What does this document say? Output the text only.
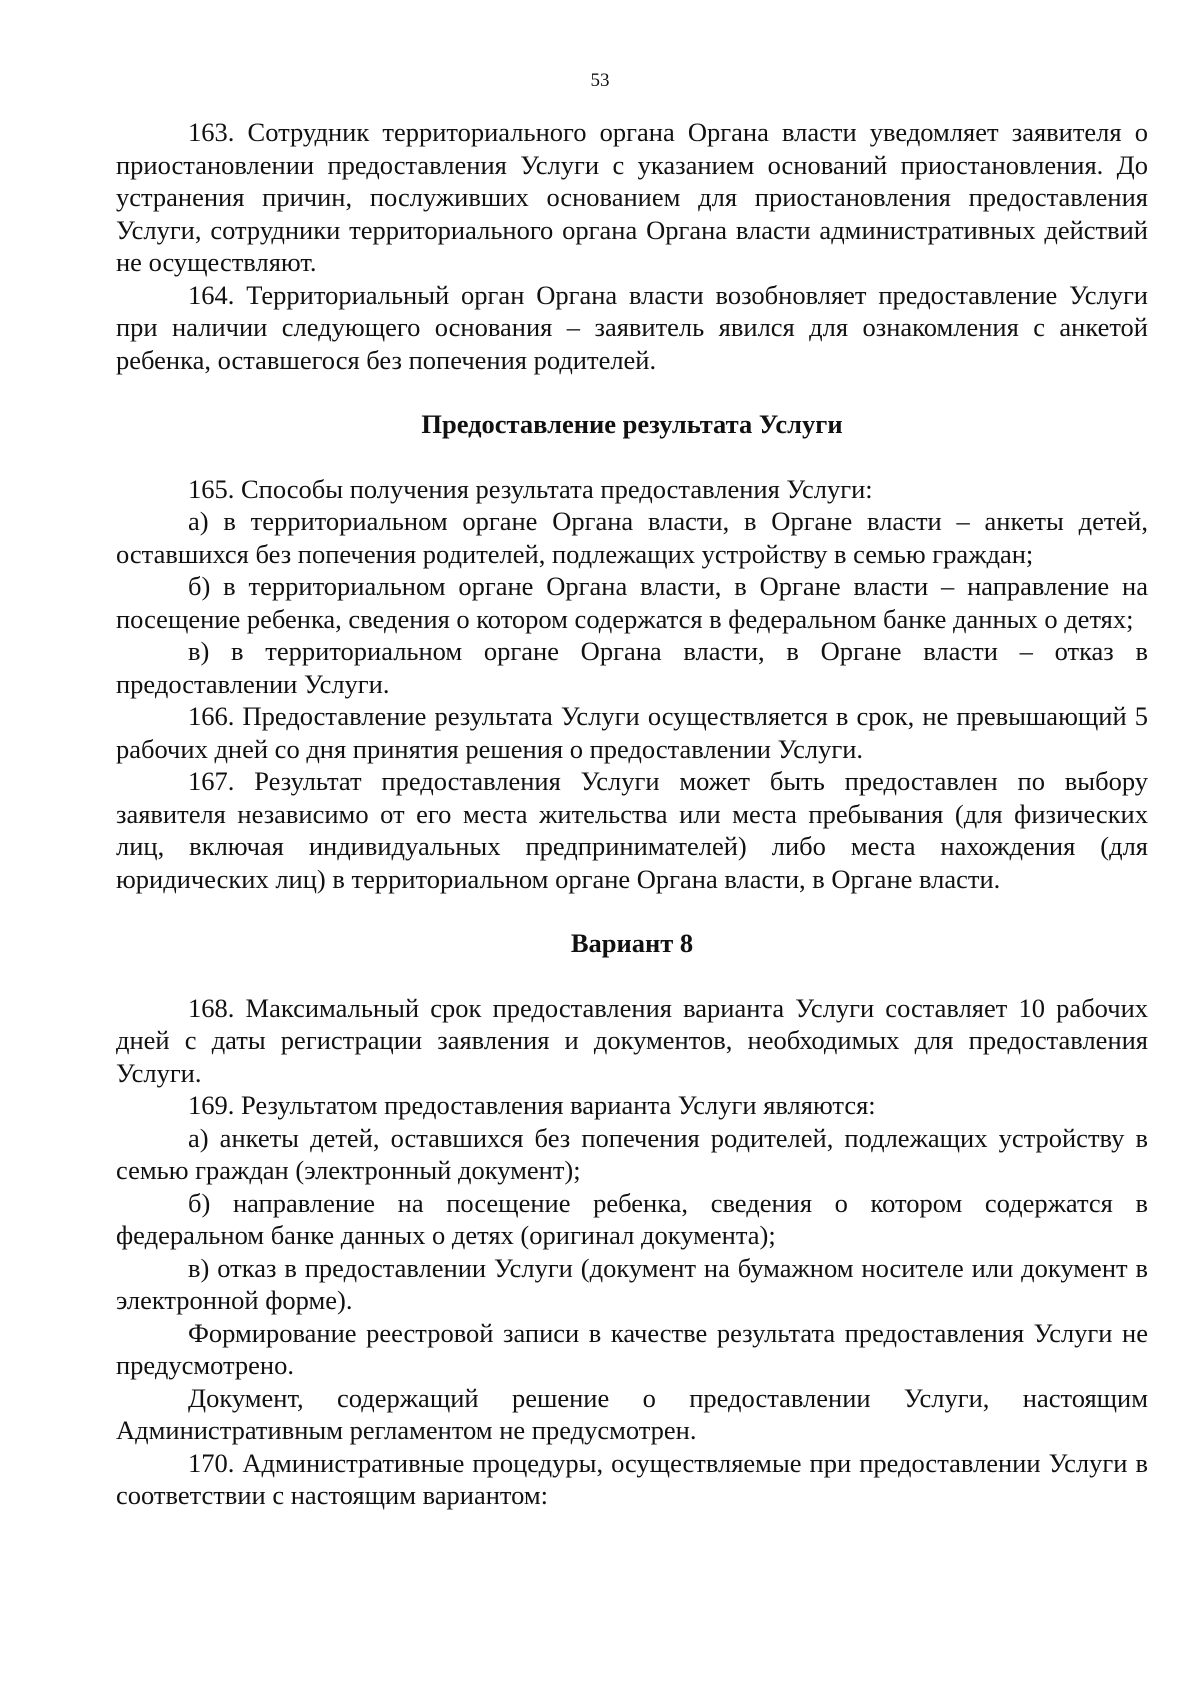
53

163. Сотрудник территориального органа Органа власти уведомляет заявителя о приостановлении предоставления Услуги с указанием оснований приостановления. До устранения причин, послуживших основанием для приостановления предоставления Услуги, сотрудники территориального органа Органа власти административных действий не осуществляют.

164. Территориальный орган Органа власти возобновляет предоставление Услуги при наличии следующего основания – заявитель явился для ознакомления с анкетой ребенка, оставшегося без попечения родителей.

Предоставление результата Услуги

165. Способы получения результата предоставления Услуги:

а) в территориальном органе Органа власти, в Органе власти – анкеты детей, оставшихся без попечения родителей, подлежащих устройству в семью граждан;

б) в территориальном органе Органа власти, в Органе власти – направление на посещение ребенка, сведения о котором содержатся в федеральном банке данных о детях;

в) в территориальном органе Органа власти, в Органе власти – отказ в предоставлении Услуги.

166. Предоставление результата Услуги осуществляется в срок, не превышающий 5 рабочих дней со дня принятия решения о предоставлении Услуги.

167. Результат предоставления Услуги может быть предоставлен по выбору заявителя независимо от его места жительства или места пребывания (для физических лиц, включая индивидуальных предпринимателей) либо места нахождения (для юридических лиц) в территориальном органе Органа власти, в Органе власти.

Вариант 8

168. Максимальный срок предоставления варианта Услуги составляет 10 рабочих дней с даты регистрации заявления и документов, необходимых для предоставления Услуги.

169. Результатом предоставления варианта Услуги являются:

а) анкеты детей, оставшихся без попечения родителей, подлежащих устройству в семью граждан (электронный документ);

б) направление на посещение ребенка, сведения о котором содержатся в федеральном банке данных о детях (оригинал документа);

в) отказ в предоставлении Услуги (документ на бумажном носителе или документ в электронной форме).

Формирование реестровой записи в качестве результата предоставления Услуги не предусмотрено.

Документ, содержащий решение о предоставлении Услуги, настоящим Административным регламентом не предусмотрен.

170. Административные процедуры, осуществляемые при предоставлении Услуги в соответствии с настоящим вариантом:
